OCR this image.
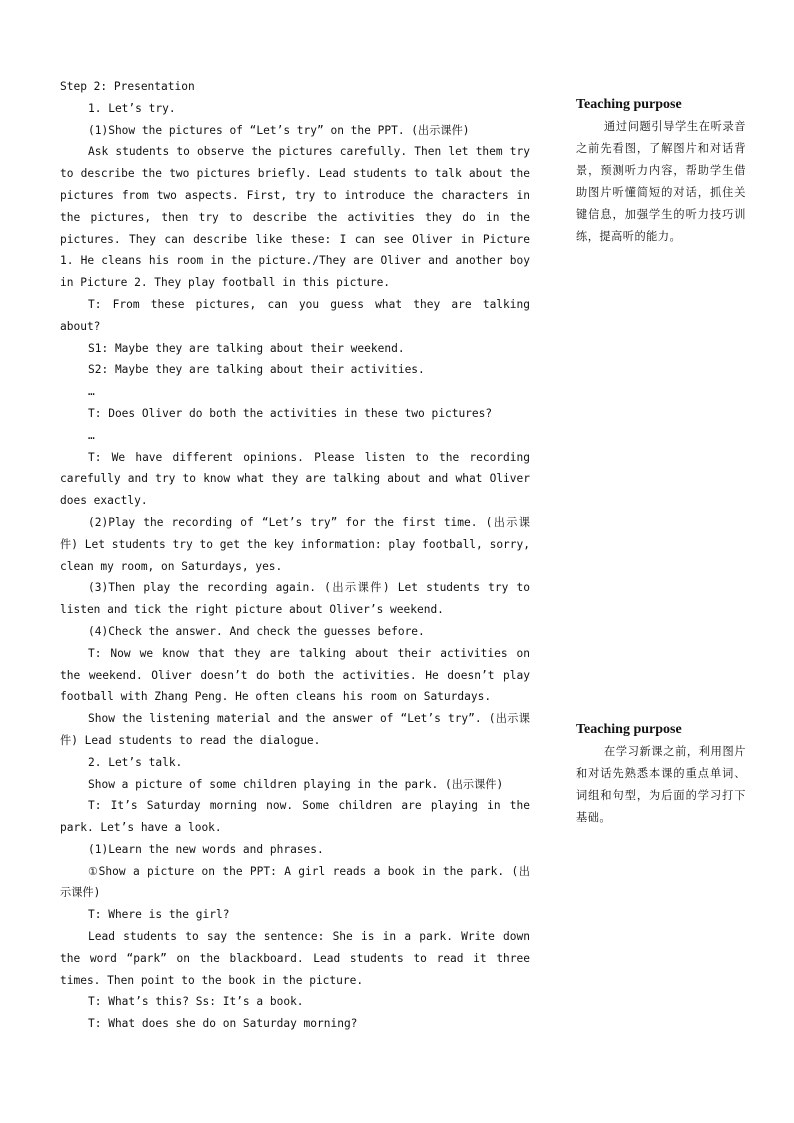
Step 2: Presentation

1. Let’s try.

(1)Show the pictures of “Let’s try” on the PPT. (出示课件)

Ask students to observe the pictures carefully. Then let them try to describe the two pictures briefly. Lead students to talk about the pictures from two aspects. First, try to introduce the characters in the pictures, then try to describe the activities they do in the pictures. They can describe like these: I can see Oliver in Picture 1. He cleans his room in the picture./They are Oliver and another boy in Picture 2. They play football in this picture.

T: From these pictures, can you guess what they are talking about?

S1: Maybe they are talking about their weekend.

S2: Maybe they are talking about their activities.

…

T: Does Oliver do both the activities in these two pictures?

…

T: We have different opinions. Please listen to the recording carefully and try to know what they are talking about and what Oliver does exactly.

(2)Play the recording of “Let’s try” for the first time. (出示课件) Let students try to get the key information: play football, sorry, clean my room, on Saturdays, yes.

(3)Then play the recording again. (出示课件) Let students try to listen and tick the right picture about Oliver’s weekend.

(4)Check the answer. And check the guesses before.

T: Now we know that they are talking about their activities on the weekend. Oliver doesn’t do both the activities. He doesn’t play football with Zhang Peng. He often cleans his room on Saturdays.

Show the listening material and the answer of “Let’s try”. (出示课件) Lead students to read the dialogue.

2. Let’s talk.

Show a picture of some children playing in the park. (出示课件)

T: It’s Saturday morning now. Some children are playing in the park. Let’s have a look.

(1)Learn the new words and phrases.

①Show a picture on the PPT: A girl reads a book in the park. (出示课件)

T: Where is the girl?

Lead students to say the sentence: She is in a park. Write down the word “park” on the blackboard. Lead students to read it three times. Then point to the book in the picture.

T: What’s this? Ss: It’s a book.

T: What does she do on Saturday morning?

Teaching purpose

通过问题引导学生在听录音之前先看图，了解图片和对话背景，预测听力内容，帮助学生借助图片听懂简短的对话，抓住关键信息，加强学生的听力技巧训练，提高听的能力。

Teaching purpose

在学习新课之前，利用图片和对话先熟悉本课的重点单词、词组和句型，为后面的学习打下基础。
